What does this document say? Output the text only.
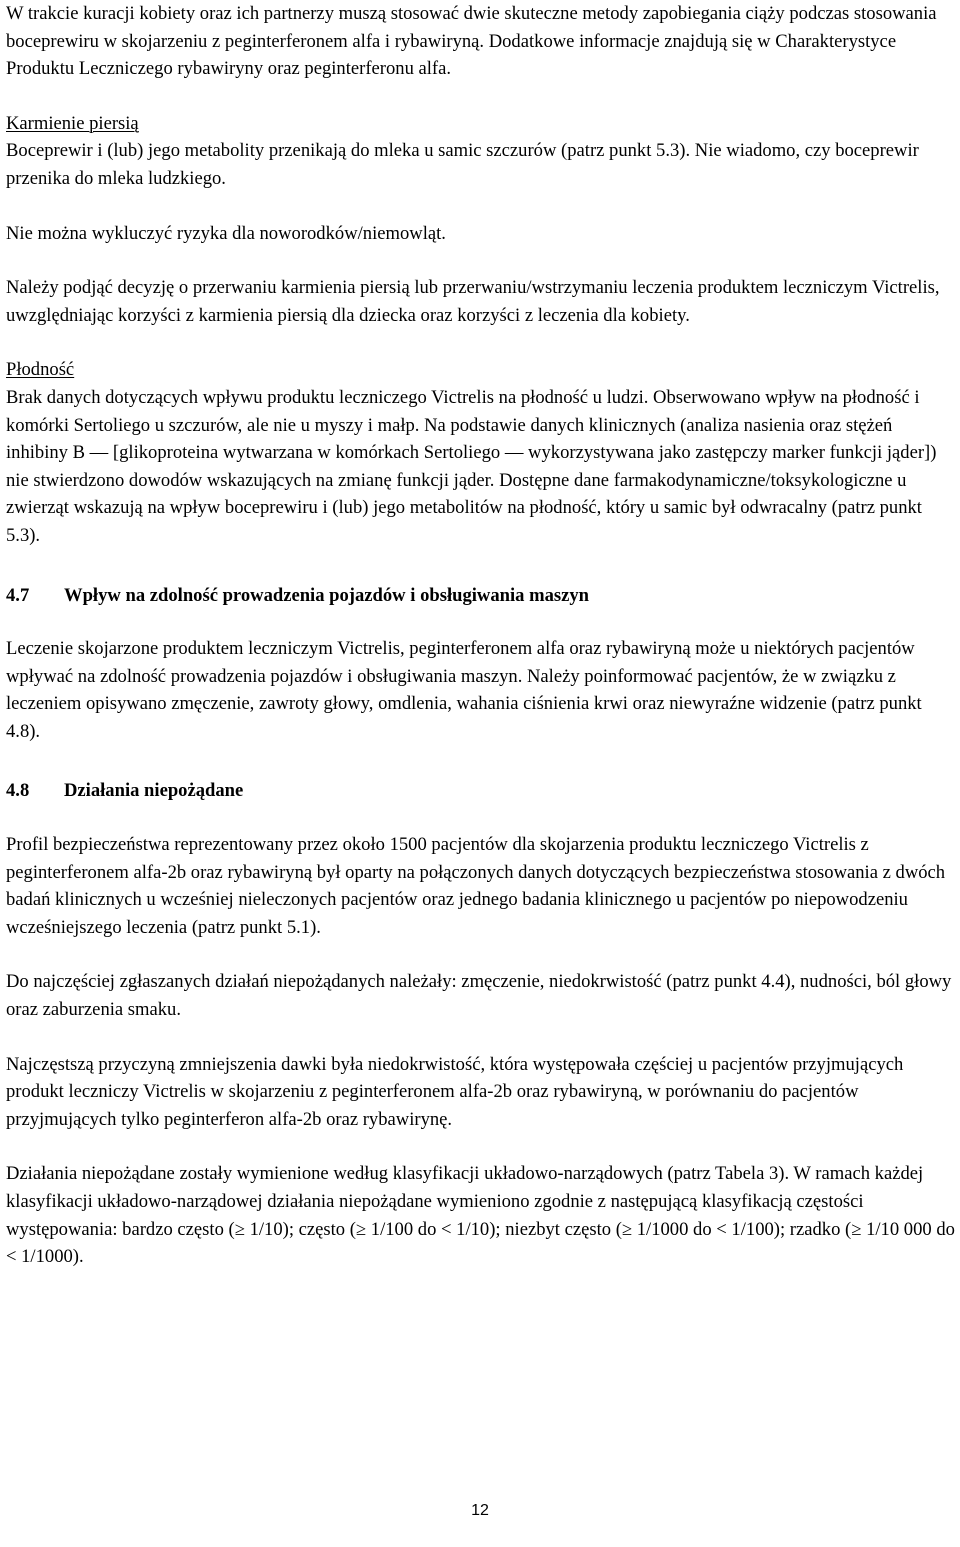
W trakcie kuracji kobiety oraz ich partnerzy muszą stosować dwie skuteczne metody zapobiegania ciąży podczas stosowania boceprewiru w skojarzeniu z peginterferonem alfa i rybawiryną. Dodatkowe informacje znajdują się w Charakterystyce Produktu Leczniczego rybawiryny oraz peginterferonu alfa.

Karmienie piersią

Boceprewir i (lub) jego metabolity przenikają do mleka u samic szczurów (patrz punkt 5.3). Nie wiadomo, czy boceprewir przenika do mleka ludzkiego.

Nie można wykluczyć ryzyka dla noworodków/niemowląt.

Należy podjąć decyzję o przerwaniu karmienia piersią lub przerwaniu/wstrzymaniu leczenia produktem leczniczym Victrelis, uwzględniając korzyści z karmienia piersią dla dziecka oraz korzyści z leczenia dla kobiety.

Płodność

Brak danych dotyczących wpływu produktu leczniczego Victrelis na płodność u ludzi. Obserwowano wpływ na płodność i komórki Sertoliego u szczurów, ale nie u myszy i małp. Na podstawie danych klinicznych (analiza nasienia oraz stężeń inhibiny B — [glikoproteina wytwarzana w komórkach Sertoliego — wykorzystywana jako zastępczy marker funkcji jąder]) nie stwierdzono dowodów wskazujących na zmianę funkcji jąder. Dostępne dane farmakodynamiczne/toksykologiczne u zwierząt wskazują na wpływ boceprewiru i (lub) jego metabolitów na płodność, który u samic był odwracalny (patrz punkt 5.3).

4.7	Wpływ na zdolność prowadzenia pojazdów i obsługiwania maszyn

Leczenie skojarzone produktem leczniczym Victrelis, peginterferonem alfa oraz rybawiryną może u niektórych pacjentów wpływać na zdolność prowadzenia pojazdów i obsługiwania maszyn. Należy poinformować pacjentów, że w związku z leczeniem opisywano zmęczenie, zawroty głowy, omdlenia, wahania ciśnienia krwi oraz niewyraźne widzenie (patrz punkt 4.8).

4.8	Działania niepożądane

Profil bezpieczeństwa reprezentowany przez około 1500 pacjentów dla skojarzenia produktu leczniczego Victrelis z peginterferonem alfa-2b oraz rybawiryną był oparty na połączonych danych dotyczących bezpieczeństwa stosowania z dwóch badań klinicznych u wcześniej nieleczonych pacjentów oraz jednego badania klinicznego u pacjentów po niepowodzeniu wcześniejszego leczenia (patrz punkt 5.1).

Do najczęściej zgłaszanych działań niepożądanych należały: zmęczenie, niedokrwistość (patrz punkt 4.4), nudności, ból głowy oraz zaburzenia smaku.

Najczęstszą przyczyną zmniejszenia dawki była niedokrwistość, która występowała częściej u pacjentów przyjmujących produkt leczniczy Victrelis w skojarzeniu z peginterferonem alfa-2b oraz rybawiryną, w porównaniu do pacjentów przyjmujących tylko peginterferon alfa-2b oraz rybawirynę.

Działania niepożądane zostały wymienione według klasyfikacji układowo-narządowych (patrz Tabela 3). W ramach każdej klasyfikacji układowo-narządowej działania niepożądane wymieniono zgodnie z następującą klasyfikacją częstości występowania: bardzo często (≥ 1/10); często (≥ 1/100 do < 1/10); niezbyt często (≥ 1/1000 do < 1/100); rzadko (≥ 1/10 000 do < 1/1000).

12
